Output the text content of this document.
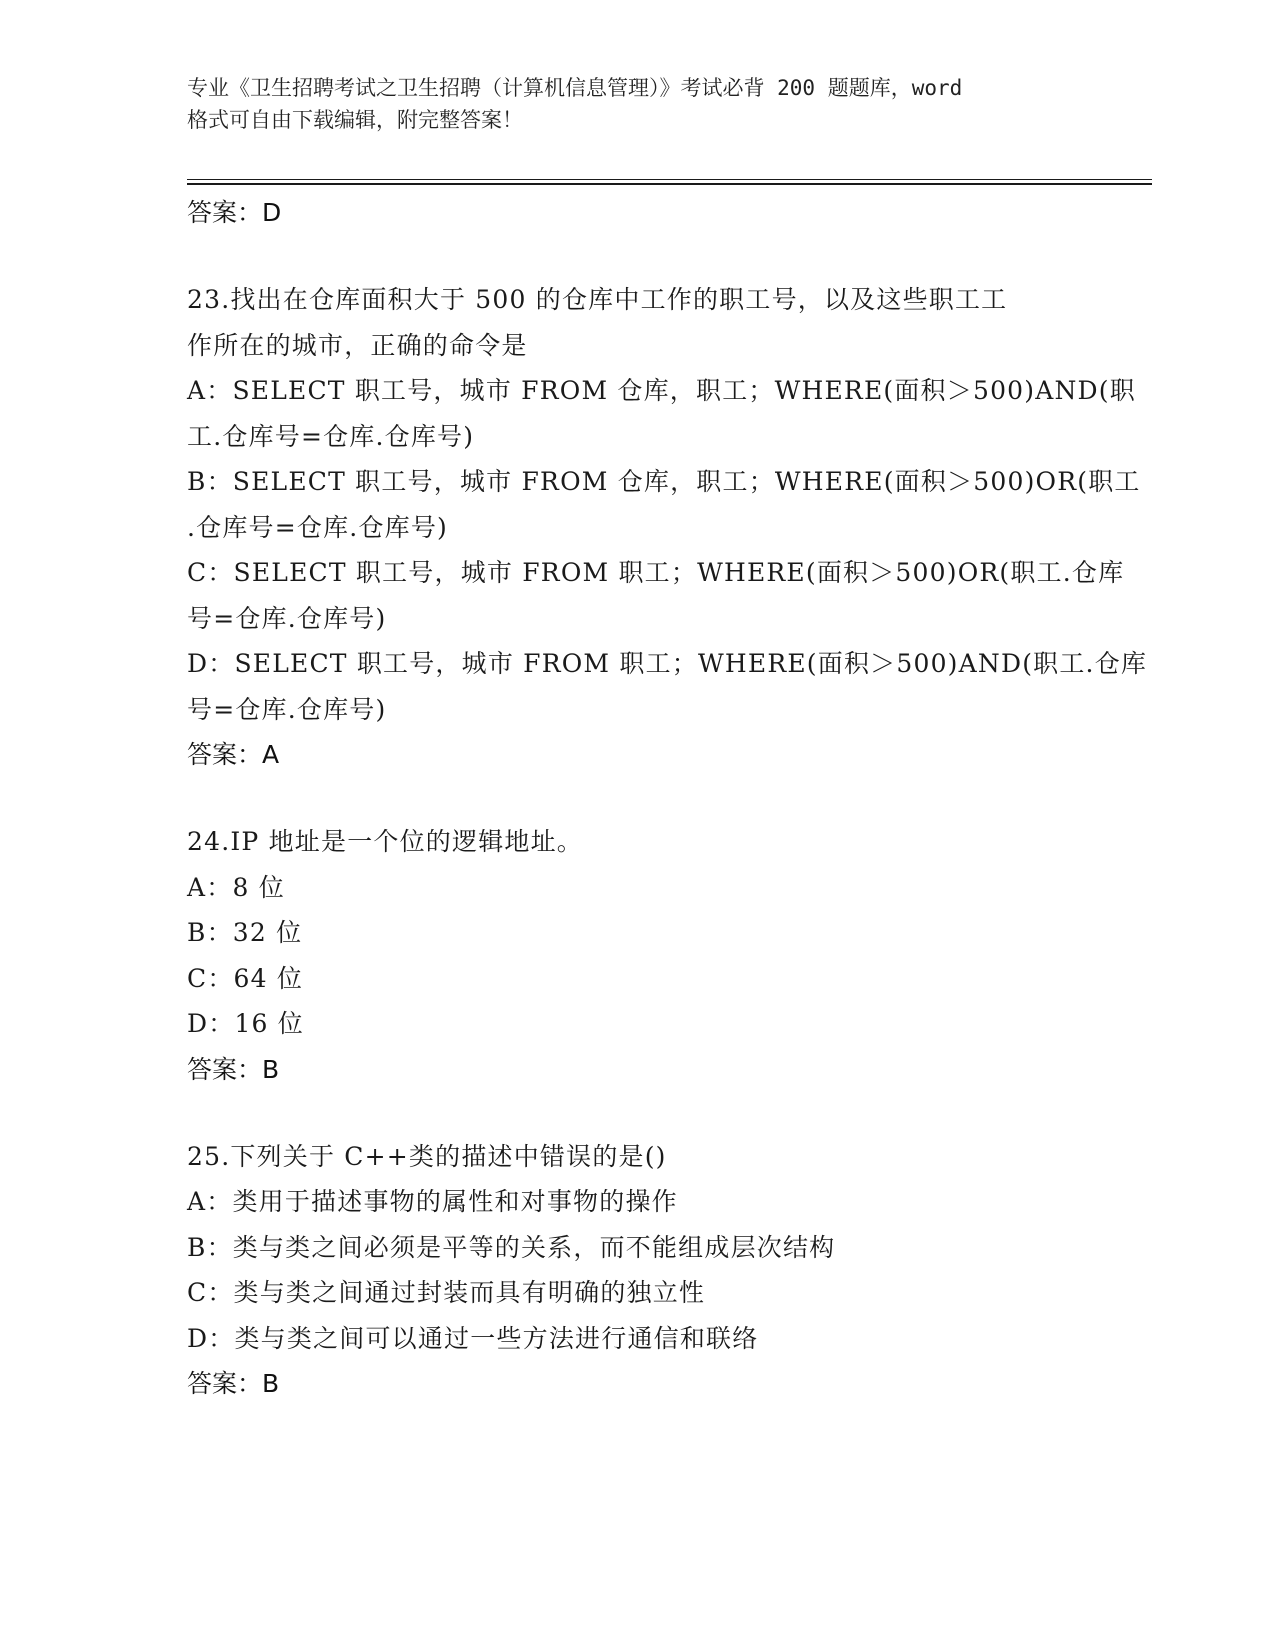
专业《卫生招聘考试之卫生招聘（计算机信息管理）》考试必背 200 题题库，word
格式可自由下载编辑，附完整答案！
答案：D
23.找出在仓库面积大于 500 的仓库中工作的职工号，以及这些职工工
作所在的城市，正确的命令是
A：SELECT 职工号，城市 FROM 仓库，职工；WHERE(面积＞500)AND(职
工.仓库号=仓库.仓库号)
B：SELECT 职工号，城市 FROM 仓库，职工；WHERE(面积＞500)OR(职工
.仓库号=仓库.仓库号)
C：SELECT 职工号，城市 FROM 职工；WHERE(面积＞500)OR(职工.仓库
号=仓库.仓库号)
D：SELECT 职工号，城市 FROM 职工；WHERE(面积＞500)AND(职工.仓库
号=仓库.仓库号)
答案：A
24.IP 地址是一个位的逻辑地址。
A：8 位
B：32 位
C：64 位
D：16 位
答案：B
25.下列关于 C++类的描述中错误的是()
A：类用于描述事物的属性和对事物的操作
B：类与类之间必须是平等的关系，而不能组成层次结构
C：类与类之间通过封装而具有明确的独立性
D：类与类之间可以通过一些方法进行通信和联络
答案：B
